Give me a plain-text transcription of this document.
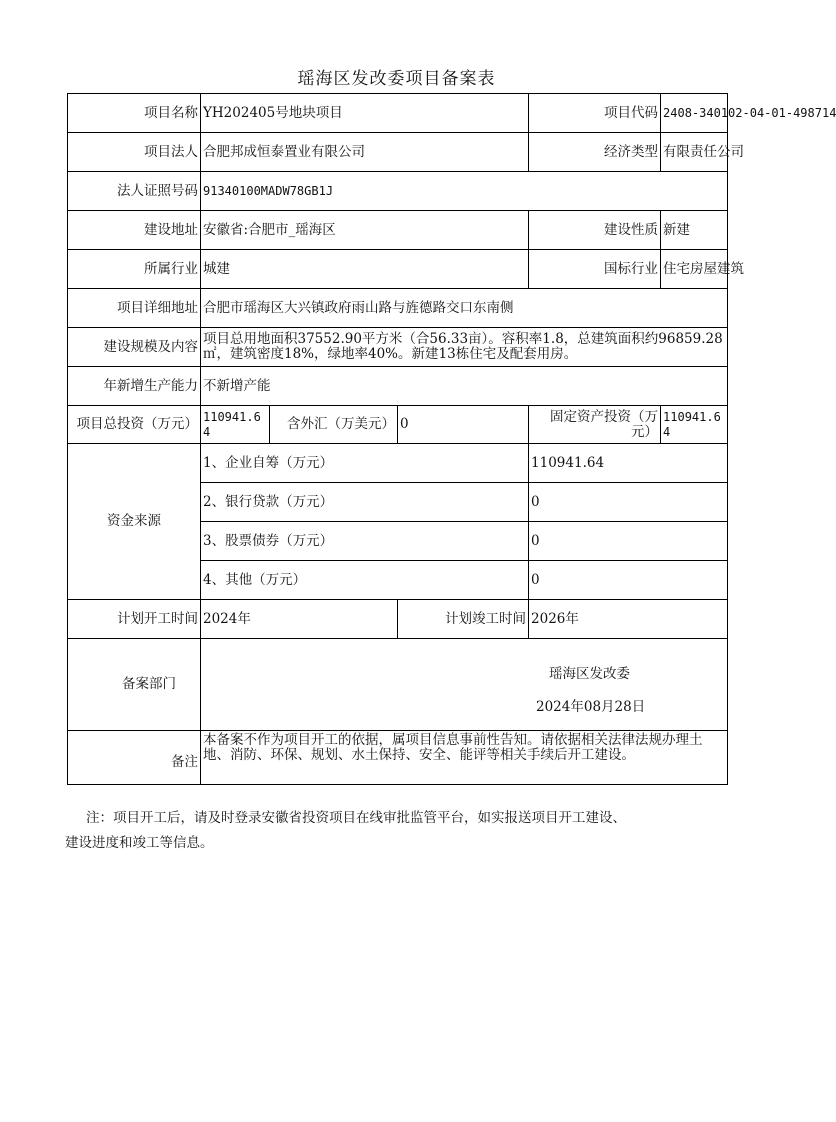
瑶海区发改委项目备案表
项目名称	YH202405号地块项目			项目代码	2408-340102-04-01-498714
项目法人	合肥邦成恒泰置业有限公司			经济类型	有限责任公司
法人证照号码	91340100MADW78GB1J				
建设地址	安徽省:合肥市_瑶海区			建设性质	新建
所属行业	城建			国标行业	住宅房屋建筑
项目详细地址	合肥市瑶海区大兴镇政府雨山路与旌德路交口东南侧				
建设规模及内容	项目总用地面积37552.90平方米（合56.33亩）。容积率1.8，总建筑面积约96859.28㎡，建筑密度18%，绿地率40%。新建13栋住宅及配套用房。				
年新增生产能力	不新增产能				
项目总投资（万元）	110941.64	含外汇（万美元）	0	固定资产投资（万元）	110941.64
资金来源	1、企业自筹（万元）			110941.64	
	2、银行贷款（万元）			0	
	3、股票债券（万元）			0	
	4、其他（万元）			0	
计划开工时间	2024年		计划竣工时间	2026年	
备案部门	瑶海区发改委
2024年08月28日				

备注	本备案不作为项目开工的依据，属项目信息事前性告知。请依据相关法律法规办理土地、消防、环保、规划、水土保持、安全、能评等相关手续后开工建设。				
注：项目开工后，请及时登录安徽省投资项目在线审批监管平台，如实报送项目开工建设、
建设进度和竣工等信息。
